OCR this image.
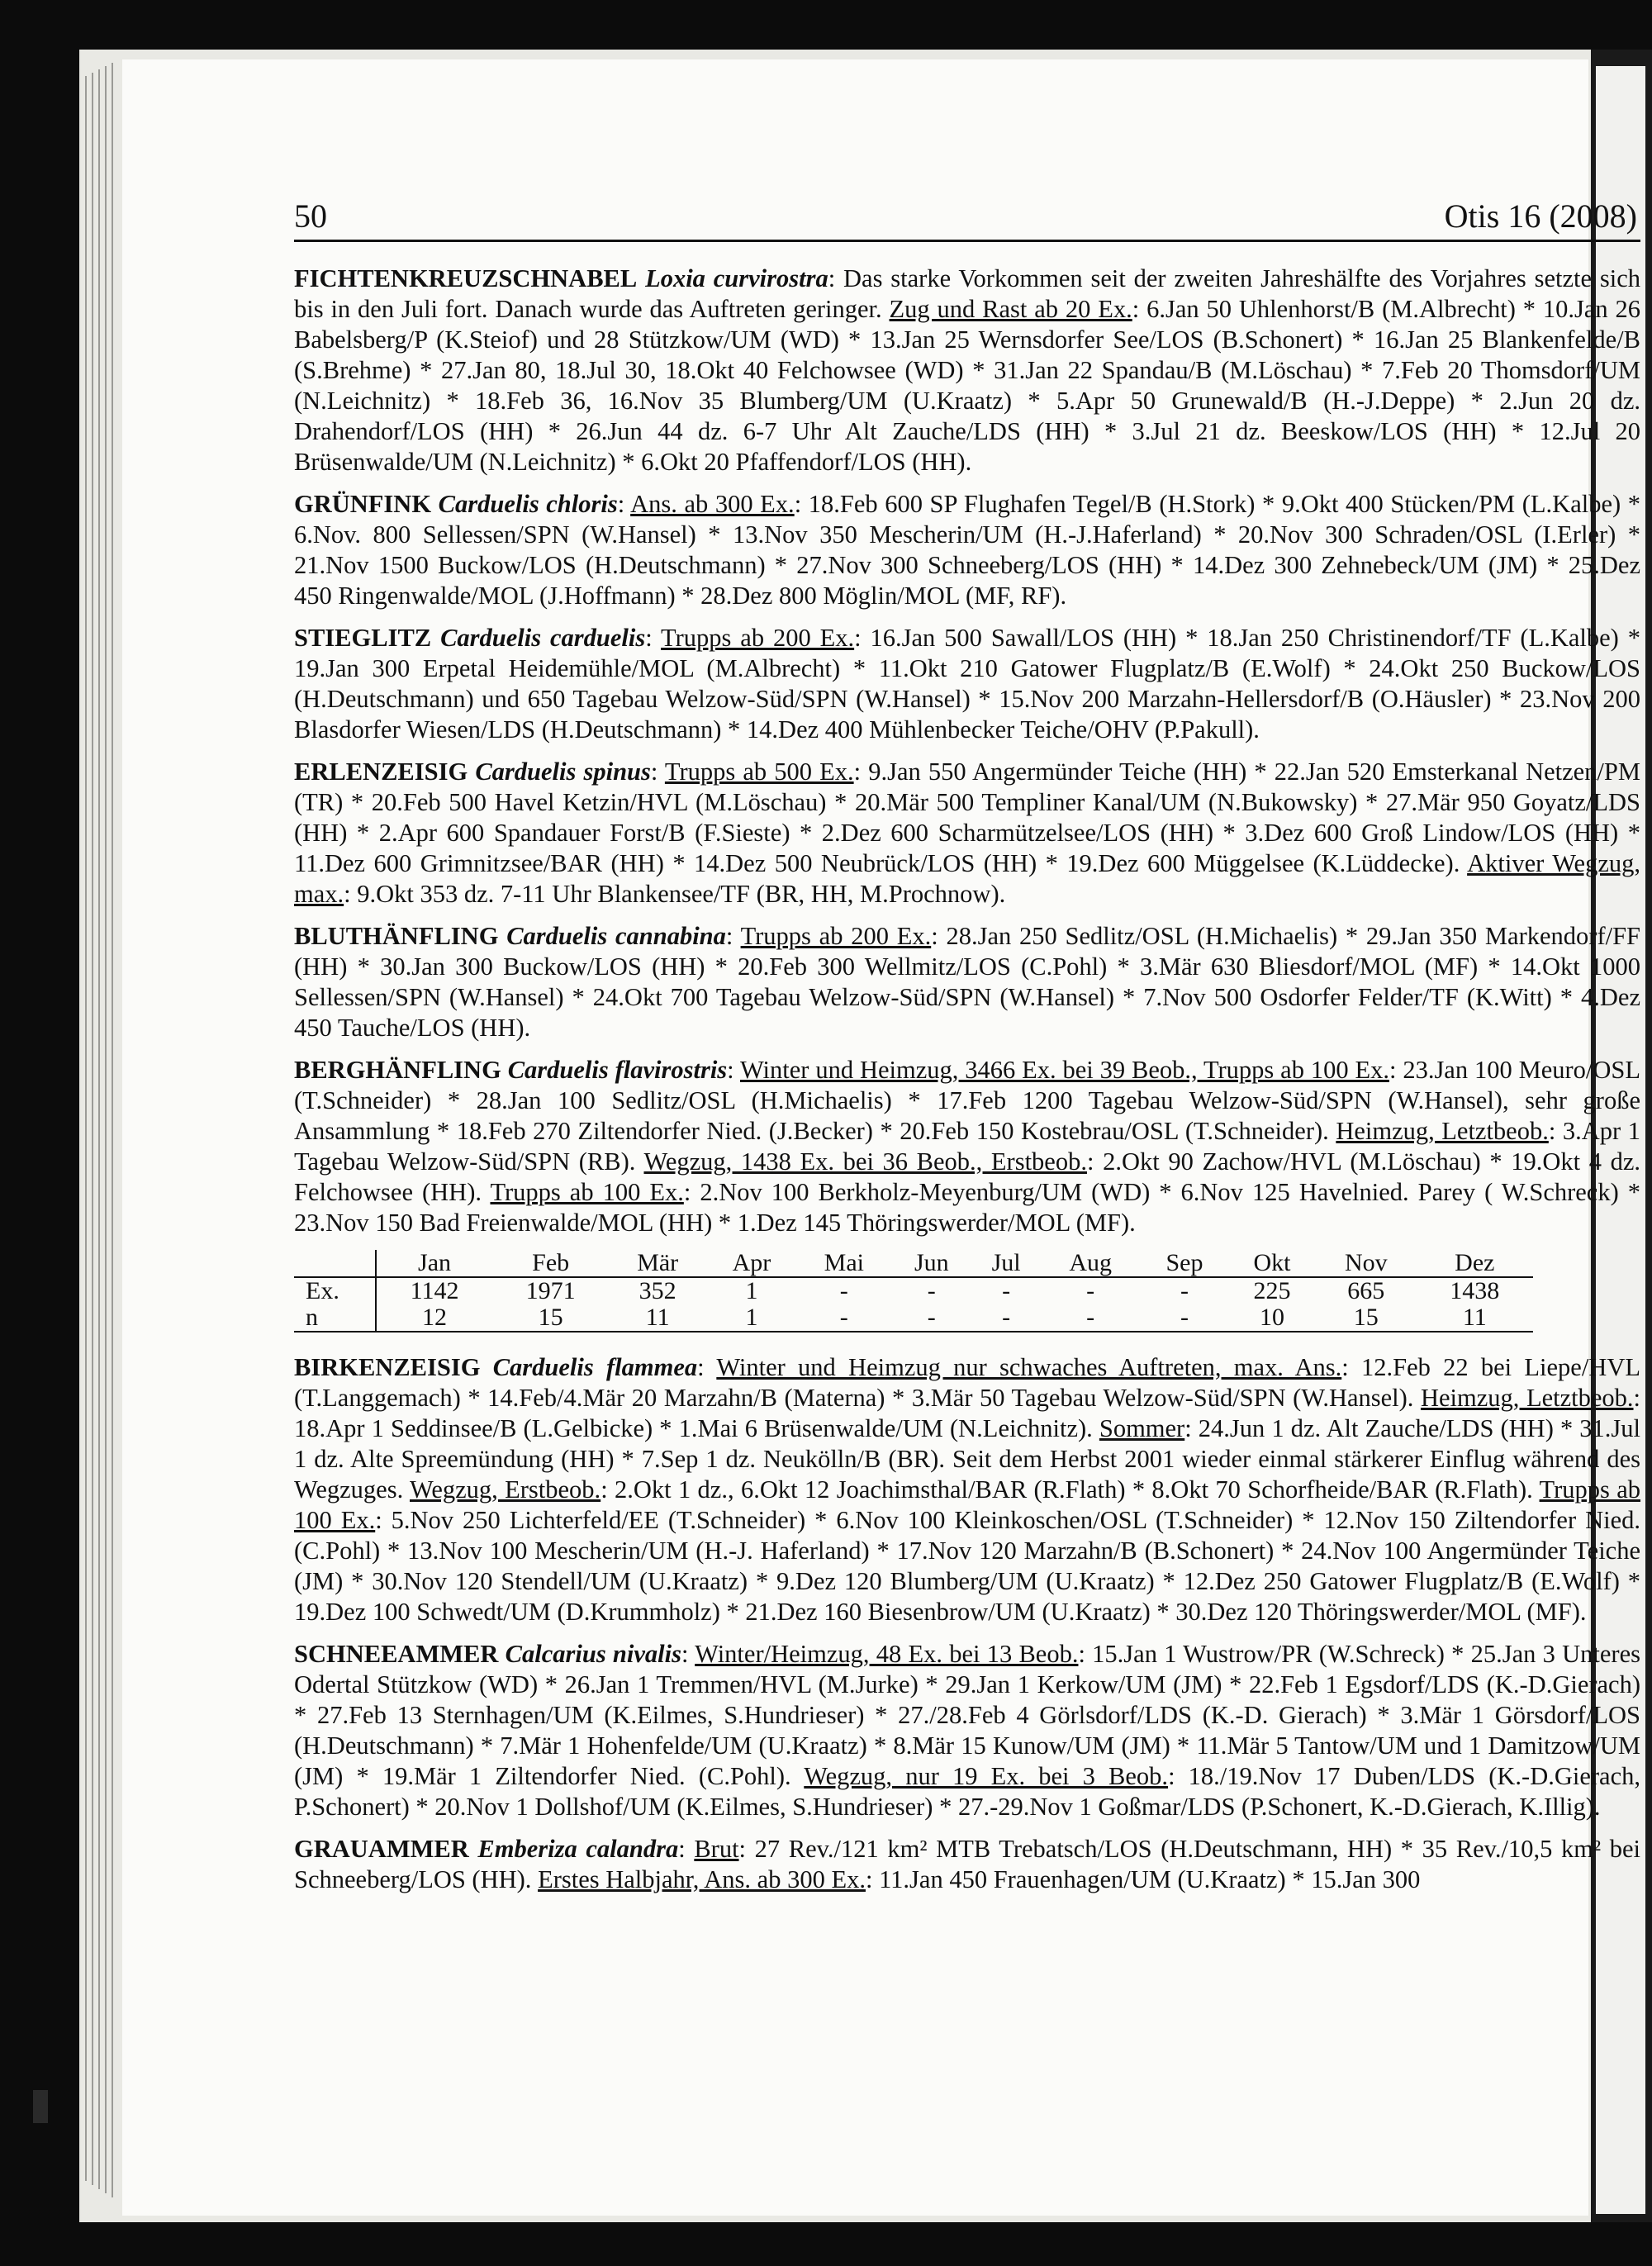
50	Otis 16 (2008)

FICHTENKREUZSCHNABEL Loxia curvirostra: Das starke Vorkommen seit der zweiten Jahreshälfte des Vorjahres setzte sich bis in den Juli fort. Danach wurde das Auftreten geringer. Zug und Rast ab 20 Ex.: 6.Jan 50 Uhlenhorst/B (M.Albrecht) * 10.Jan 26 Babelsberg/P (K.Steiof) und 28 Stützkow/UM (WD) * 13.Jan 25 Wernsdorfer See/LOS (B.Schonert) * 16.Jan 25 Blankenfelde/B (S.Brehme) * 27.Jan 80, 18.Jul 30, 18.Okt 40 Felchowsee (WD) * 31.Jan 22 Spandau/B (M.Löschau) * 7.Feb 20 Thomsdorf/UM (N.Leichnitz) * 18.Feb 36, 16.Nov 35 Blumberg/UM (U.Kraatz) * 5.Apr 50 Grunewald/B (H.-J.Deppe) * 2.Jun 20 dz. Drahendorf/LOS (HH) * 26.Jun 44 dz. 6-7 Uhr Alt Zauche/LDS (HH) * 3.Jul 21 dz. Beeskow/LOS (HH) * 12.Jul 20 Brüsenwalde/UM (N.Leichnitz) * 6.Okt 20 Pfaffendorf/LOS (HH).

GRÜNFINK Carduelis chloris: Ans. ab 300 Ex.: 18.Feb 600 SP Flughafen Tegel/B (H.Stork) * 9.Okt 400 Stücken/PM (L.Kalbe) * 6.Nov. 800 Sellessen/SPN (W.Hansel) * 13.Nov 350 Mescherin/UM (H.-J.Haferland) * 20.Nov 300 Schraden/OSL (I.Erler) * 21.Nov 1500 Buckow/LOS (H.Deutschmann) * 27.Nov 300 Schneeberg/LOS (HH) * 14.Dez 300 Zehnebeck/UM (JM) * 25.Dez 450 Ringenwalde/MOL (J.Hoffmann) * 28.Dez 800 Möglin/MOL (MF, RF).

STIEGLITZ Carduelis carduelis: Trupps ab 200 Ex.: 16.Jan 500 Sawall/LOS (HH) * 18.Jan 250 Christinendorf/TF (L.Kalbe) * 19.Jan 300 Erpetal Heidemühle/MOL (M.Albrecht) * 11.Okt 210 Gatower Flugplatz/B (E.Wolf) * 24.Okt 250 Buckow/LOS (H.Deutschmann) und 650 Tagebau Welzow-Süd/SPN (W.Hansel) * 15.Nov 200 Marzahn-Hellersdorf/B (O.Häusler) * 23.Nov 200 Blasdorfer Wiesen/LDS (H.Deutschmann) * 14.Dez 400 Mühlenbecker Teiche/OHV (P.Pakull).

ERLENZEISIG Carduelis spinus: Trupps ab 500 Ex.: 9.Jan 550 Angermünder Teiche (HH) * 22.Jan 520 Emsterkanal Netzen/PM (TR) * 20.Feb 500 Havel Ketzin/HVL (M.Löschau) * 20.Mär 500 Templiner Kanal/UM (N.Bukowsky) * 27.Mär 950 Goyatz/LDS (HH) * 2.Apr 600 Spandauer Forst/B (F.Sieste) * 2.Dez 600 Scharmützelsee/LOS (HH) * 3.Dez 600 Groß Lindow/LOS (HH) * 11.Dez 600 Grimnitzsee/BAR (HH) * 14.Dez 500 Neubrück/LOS (HH) * 19.Dez 600 Müggelsee (K.Lüddecke). Aktiver Wegzug, max.: 9.Okt 353 dz. 7-11 Uhr Blankensee/TF (BR, HH, M.Prochnow).

BLUTHÄNFLING Carduelis cannabina: Trupps ab 200 Ex.: 28.Jan 250 Sedlitz/OSL (H.Michaelis) * 29.Jan 350 Markendorf/FF (HH) * 30.Jan 300 Buckow/LOS (HH) * 20.Feb 300 Wellmitz/LOS (C.Pohl) * 3.Mär 630 Bliesdorf/MOL (MF) * 14.Okt 1000 Sellessen/SPN (W.Hansel) * 24.Okt 700 Tagebau Welzow-Süd/SPN (W.Hansel) * 7.Nov 500 Osdorfer Felder/TF (K.Witt) * 4.Dez 450 Tauche/LOS (HH).

BERGHÄNFLING Carduelis flavirostris: Winter und Heimzug, 3466 Ex. bei 39 Beob., Trupps ab 100 Ex.: 23.Jan 100 Meuro/OSL (T.Schneider) * 28.Jan 100 Sedlitz/OSL (H.Michaelis) * 17.Feb 1200 Tagebau Welzow-Süd/SPN (W.Hansel), sehr große Ansammlung * 18.Feb 270 Ziltendorfer Nied. (J.Becker) * 20.Feb 150 Kostebrau/OSL (T.Schneider). Heimzug, Letztbeob.: 3.Apr 1 Tagebau Welzow-Süd/SPN (RB). Wegzug, 1438 Ex. bei 36 Beob., Erstbeob.: 2.Okt 90 Zachow/HVL (M.Löschau) * 19.Okt 4 dz. Felchowsee (HH). Trupps ab 100 Ex.: 2.Nov 100 Berkholz-Meyenburg/UM (WD) * 6.Nov 125 Havelnied. Parey ( W.Schreck) * 23.Nov 150 Bad Freienwalde/MOL (HH) * 1.Dez 145 Thöringswerder/MOL (MF).

	Jan	Feb	Mär	Apr	Mai	Jun	Jul	Aug	Sep	Okt	Nov	Dez
Ex.	1142	1971	352	1	-	-	-	-	-	225	665	1438
n	12	15	11	1	-	-	-	-	-	10	15	11

BIRKENZEISIG Carduelis flammea: Winter und Heimzug nur schwaches Auftreten, max. Ans.: 12.Feb 22 bei Liepe/HVL (T.Langgemach) * 14.Feb/4.Mär 20 Marzahn/B (Materna) * 3.Mär 50 Tagebau Welzow-Süd/SPN (W.Hansel). Heimzug, Letztbeob.: 18.Apr 1 Seddinsee/B (L.Gelbicke) * 1.Mai 6 Brüsenwalde/UM (N.Leichnitz). Sommer: 24.Jun 1 dz. Alt Zauche/LDS (HH) * 31.Jul 1 dz. Alte Spreemündung (HH) * 7.Sep 1 dz. Neukölln/B (BR). Seit dem Herbst 2001 wieder einmal stärkerer Einflug während des Wegzuges. Wegzug, Erstbeob.: 2.Okt 1 dz., 6.Okt 12 Joachimsthal/BAR (R.Flath) * 8.Okt 70 Schorfheide/BAR (R.Flath). Trupps ab 100 Ex.: 5.Nov 250 Lichterfeld/EE (T.Schneider) * 6.Nov 100 Kleinkoschen/OSL (T.Schneider) * 12.Nov 150 Ziltendorfer Nied. (C.Pohl) * 13.Nov 100 Mescherin/UM (H.-J. Haferland) * 17.Nov 120 Marzahn/B (B.Schonert) * 24.Nov 100 Angermünder Teiche (JM) * 30.Nov 120 Stendell/UM (U.Kraatz) * 9.Dez 120 Blumberg/UM (U.Kraatz) * 12.Dez 250 Gatower Flugplatz/B (E.Wolf) * 19.Dez 100 Schwedt/UM (D.Krummholz) * 21.Dez 160 Biesenbrow/UM (U.Kraatz) * 30.Dez 120 Thöringswerder/MOL (MF).

SCHNEEAMMER Calcarius nivalis: Winter/Heimzug, 48 Ex. bei 13 Beob.: 15.Jan 1 Wustrow/PR (W.Schreck) * 25.Jan 3 Unteres Odertal Stützkow (WD) * 26.Jan 1 Tremmen/HVL (M.Jurke) * 29.Jan 1 Kerkow/UM (JM) * 22.Feb 1 Egsdorf/LDS (K.-D.Gierach) * 27.Feb 13 Sternhagen/UM (K.Eilmes, S.Hundrieser) * 27./28.Feb 4 Görlsdorf/LDS (K.-D. Gierach) * 3.Mär 1 Görsdorf/LOS (H.Deutschmann) * 7.Mär 1 Hohenfelde/UM (U.Kraatz) * 8.Mär 15 Kunow/UM (JM) * 11.Mär 5 Tantow/UM und 1 Damitzow/UM (JM) * 19.Mär 1 Ziltendorfer Nied. (C.Pohl). Wegzug, nur 19 Ex. bei 3 Beob.: 18./19.Nov 17 Duben/LDS (K.-D.Gierach, P.Schonert) * 20.Nov 1 Dollshof/UM (K.Eilmes, S.Hundrieser) * 27.-29.Nov 1 Goßmar/LDS (P.Schonert, K.-D.Gierach, K.Illig).

GRAUAMMER Emberiza calandra: Brut: 27 Rev./121 km² MTB Trebatsch/LOS (H.Deutschmann, HH) * 35 Rev./10,5 km² bei Schneeberg/LOS (HH). Erstes Halbjahr, Ans. ab 300 Ex.: 11.Jan 450 Frauenhagen/UM (U.Kraatz) * 15.Jan 300
